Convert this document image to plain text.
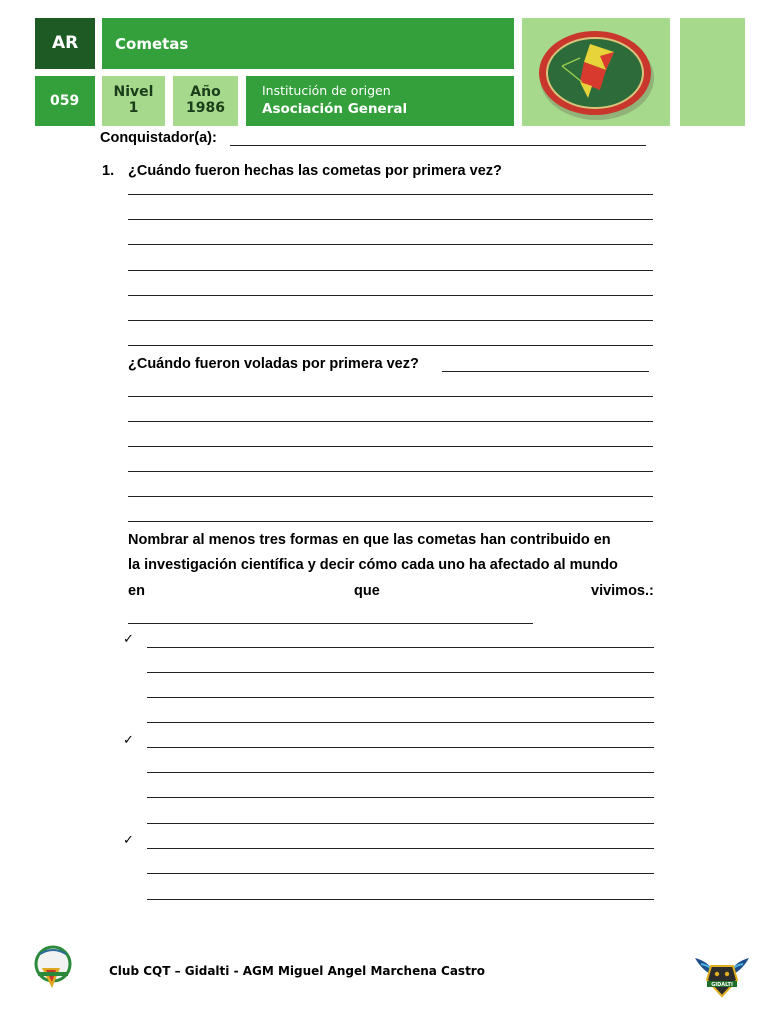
AR Cometas
059
Nivel
1
Año
1986
Institución de origen
Asociación General
Conquistador(a):
1. ¿Cuándo fueron hechas las cometas por primera vez?
¿Cuándo fueron voladas por primera vez?
Nombrar al menos tres formas en que las cometas han contribuido en
la investigación científica y decir cómo cada uno ha afectado al mundo
en	que	vivimos.:
✓
✓
✓
Club CQT – Gidalti - AGM Miguel Angel Marchena Castro
GIDALTI
